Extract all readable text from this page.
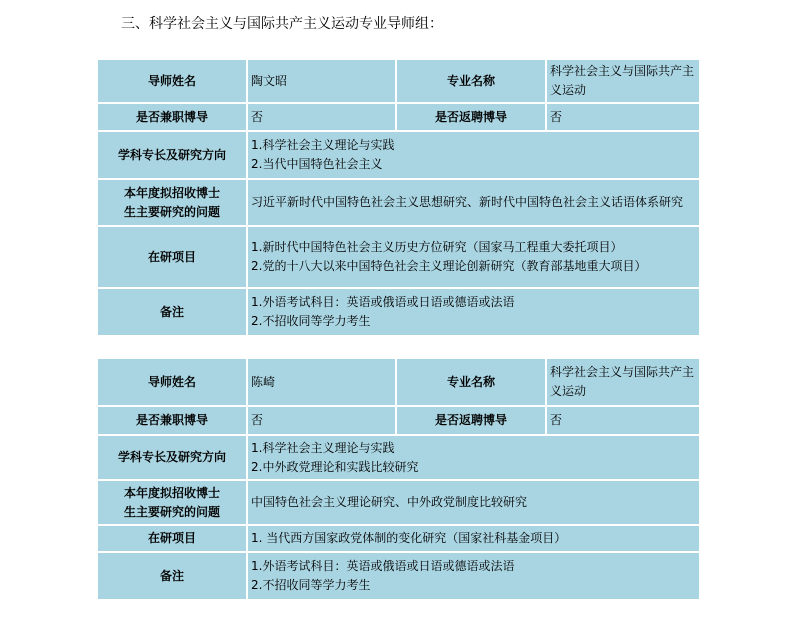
三、科学社会主义与国际共产主义运动专业导师组：
导师姓名	陶文昭	专业名称	科学社会主义与国际共产主义运动

是否兼职博导	否	是否返聘博导	否
学科专长及研究方向	1.科学社会主义理论与实践
2.当代中国特色社会主义		

本年度拟招收博士
生主要研究的问题	习近平新时代中国特色社会主义思想研究、新时代中国特色社会主义话语体系研究		

在研项目	1.新时代中国特色社会主义历史方位研究（国家马工程重大委托项目）
2.党的十八大以来中国特色社会主义理论创新研究（教育部基地重大项目）		

备注	1.外语考试科目：英语或俄语或日语或德语或法语
2.不招收同等学力考生		
导师姓名	陈崎	专业名称	科学社会主义与国际共产主义运动

是否兼职博导	否	是否返聘博导	否
学科专长及研究方向	1.科学社会主义理论与实践
2.中外政党理论和实践比较研究		

本年度拟招收博士
生主要研究的问题	中国特色社会主义理论研究、中外政党制度比较研究		

在研项目	1. 当代西方国家政党体制的变化研究（国家社科基金项目）		

备注	1.外语考试科目：英语或俄语或日语或德语或法语
2.不招收同等学力考生		
